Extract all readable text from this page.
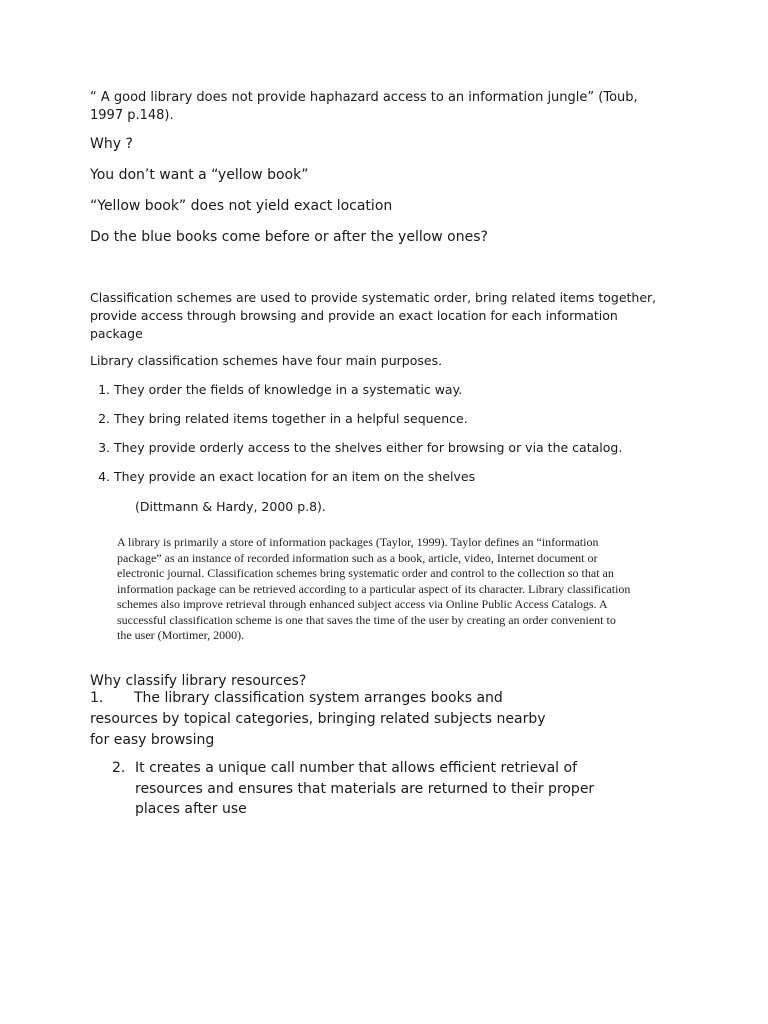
“ A good library does not provide haphazard access to an information jungle” (Toub, 1997 p.148).

Why ?

You don’t want a “yellow book”

“Yellow book” does not yield exact location

Do the blue books come before or after the yellow ones?

Classification schemes are used to provide systematic order, bring related items together, provide access through browsing and provide an exact location for each information package

Library classification schemes have four main purposes.

1. They order the fields of knowledge in a systematic way.
2. They bring related items together in a helpful sequence.
3. They provide orderly access to the shelves either for browsing or via the catalog.
4. They provide an exact location for an item on the shelves

(Dittmann & Hardy, 2000 p.8).

A library is primarily a store of information packages (Taylor, 1999). Taylor defines an “information package” as an instance of recorded information such as a book, article, video, Internet document or electronic journal. Classification schemes bring systematic order and control to the collection so that an information package can be retrieved according to a particular aspect of its character. Library classification schemes also improve retrieval through enhanced subject access via Online Public Access Catalogs. A successful classification scheme is one that saves the time of the user by creating an order convenient to the user (Mortimer, 2000).

Why classify library resources?

1. The library classification system arranges books and resources by topical categories, bringing related subjects nearby for easy browsing
2. It creates a unique call number that allows efficient retrieval of resources and ensures that materials are returned to their proper places after use
